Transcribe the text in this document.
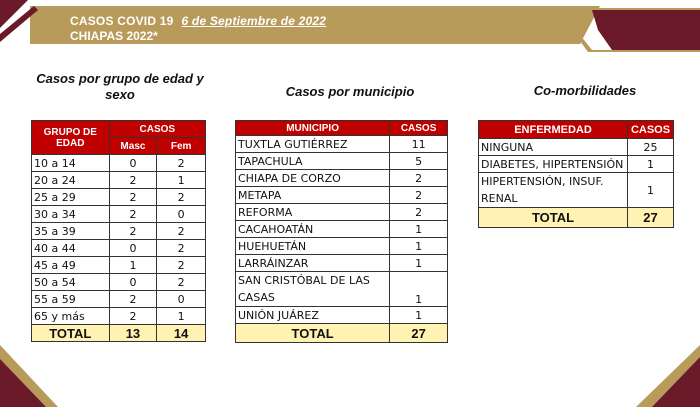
CASOS COVID 19 6 de Septiembre de 2022
CHIAPAS 2022*
Casos por grupo de edad y sexo	Casos por municipio	Co-morbilidades
GRUPO DE EDAD	CASOS	
	Masc	Fem
10 a 14	0	2
20 a 24	2	1
25 a 29	2	2
30 a 34	2	0
35 a 39	2	2
40 a 44	0	2
45 a 49	1	2
50 a 54	0	2
55 a 59	2	0
65 y más	2	1
TOTAL	13	14
MUNICIPIO	CASOS
TUXTLA GUTIÉRREZ	11
TAPACHULA	5
CHIAPA DE CORZO	2
METAPA	2
REFORMA	2
CACAHOATÁN	1
HUEHUETÁN	1
LARRÁINZAR	1
SAN CRISTÓBAL DE LAS CASAS	1
UNIÓN JUÁREZ	1
TOTAL	27
ENFERMEDAD	CASOS
NINGUNA	25
DIABETES, HIPERTENSIÓN	1
HIPERTENSIÓN, INSUF. RENAL	1
TOTAL	27
